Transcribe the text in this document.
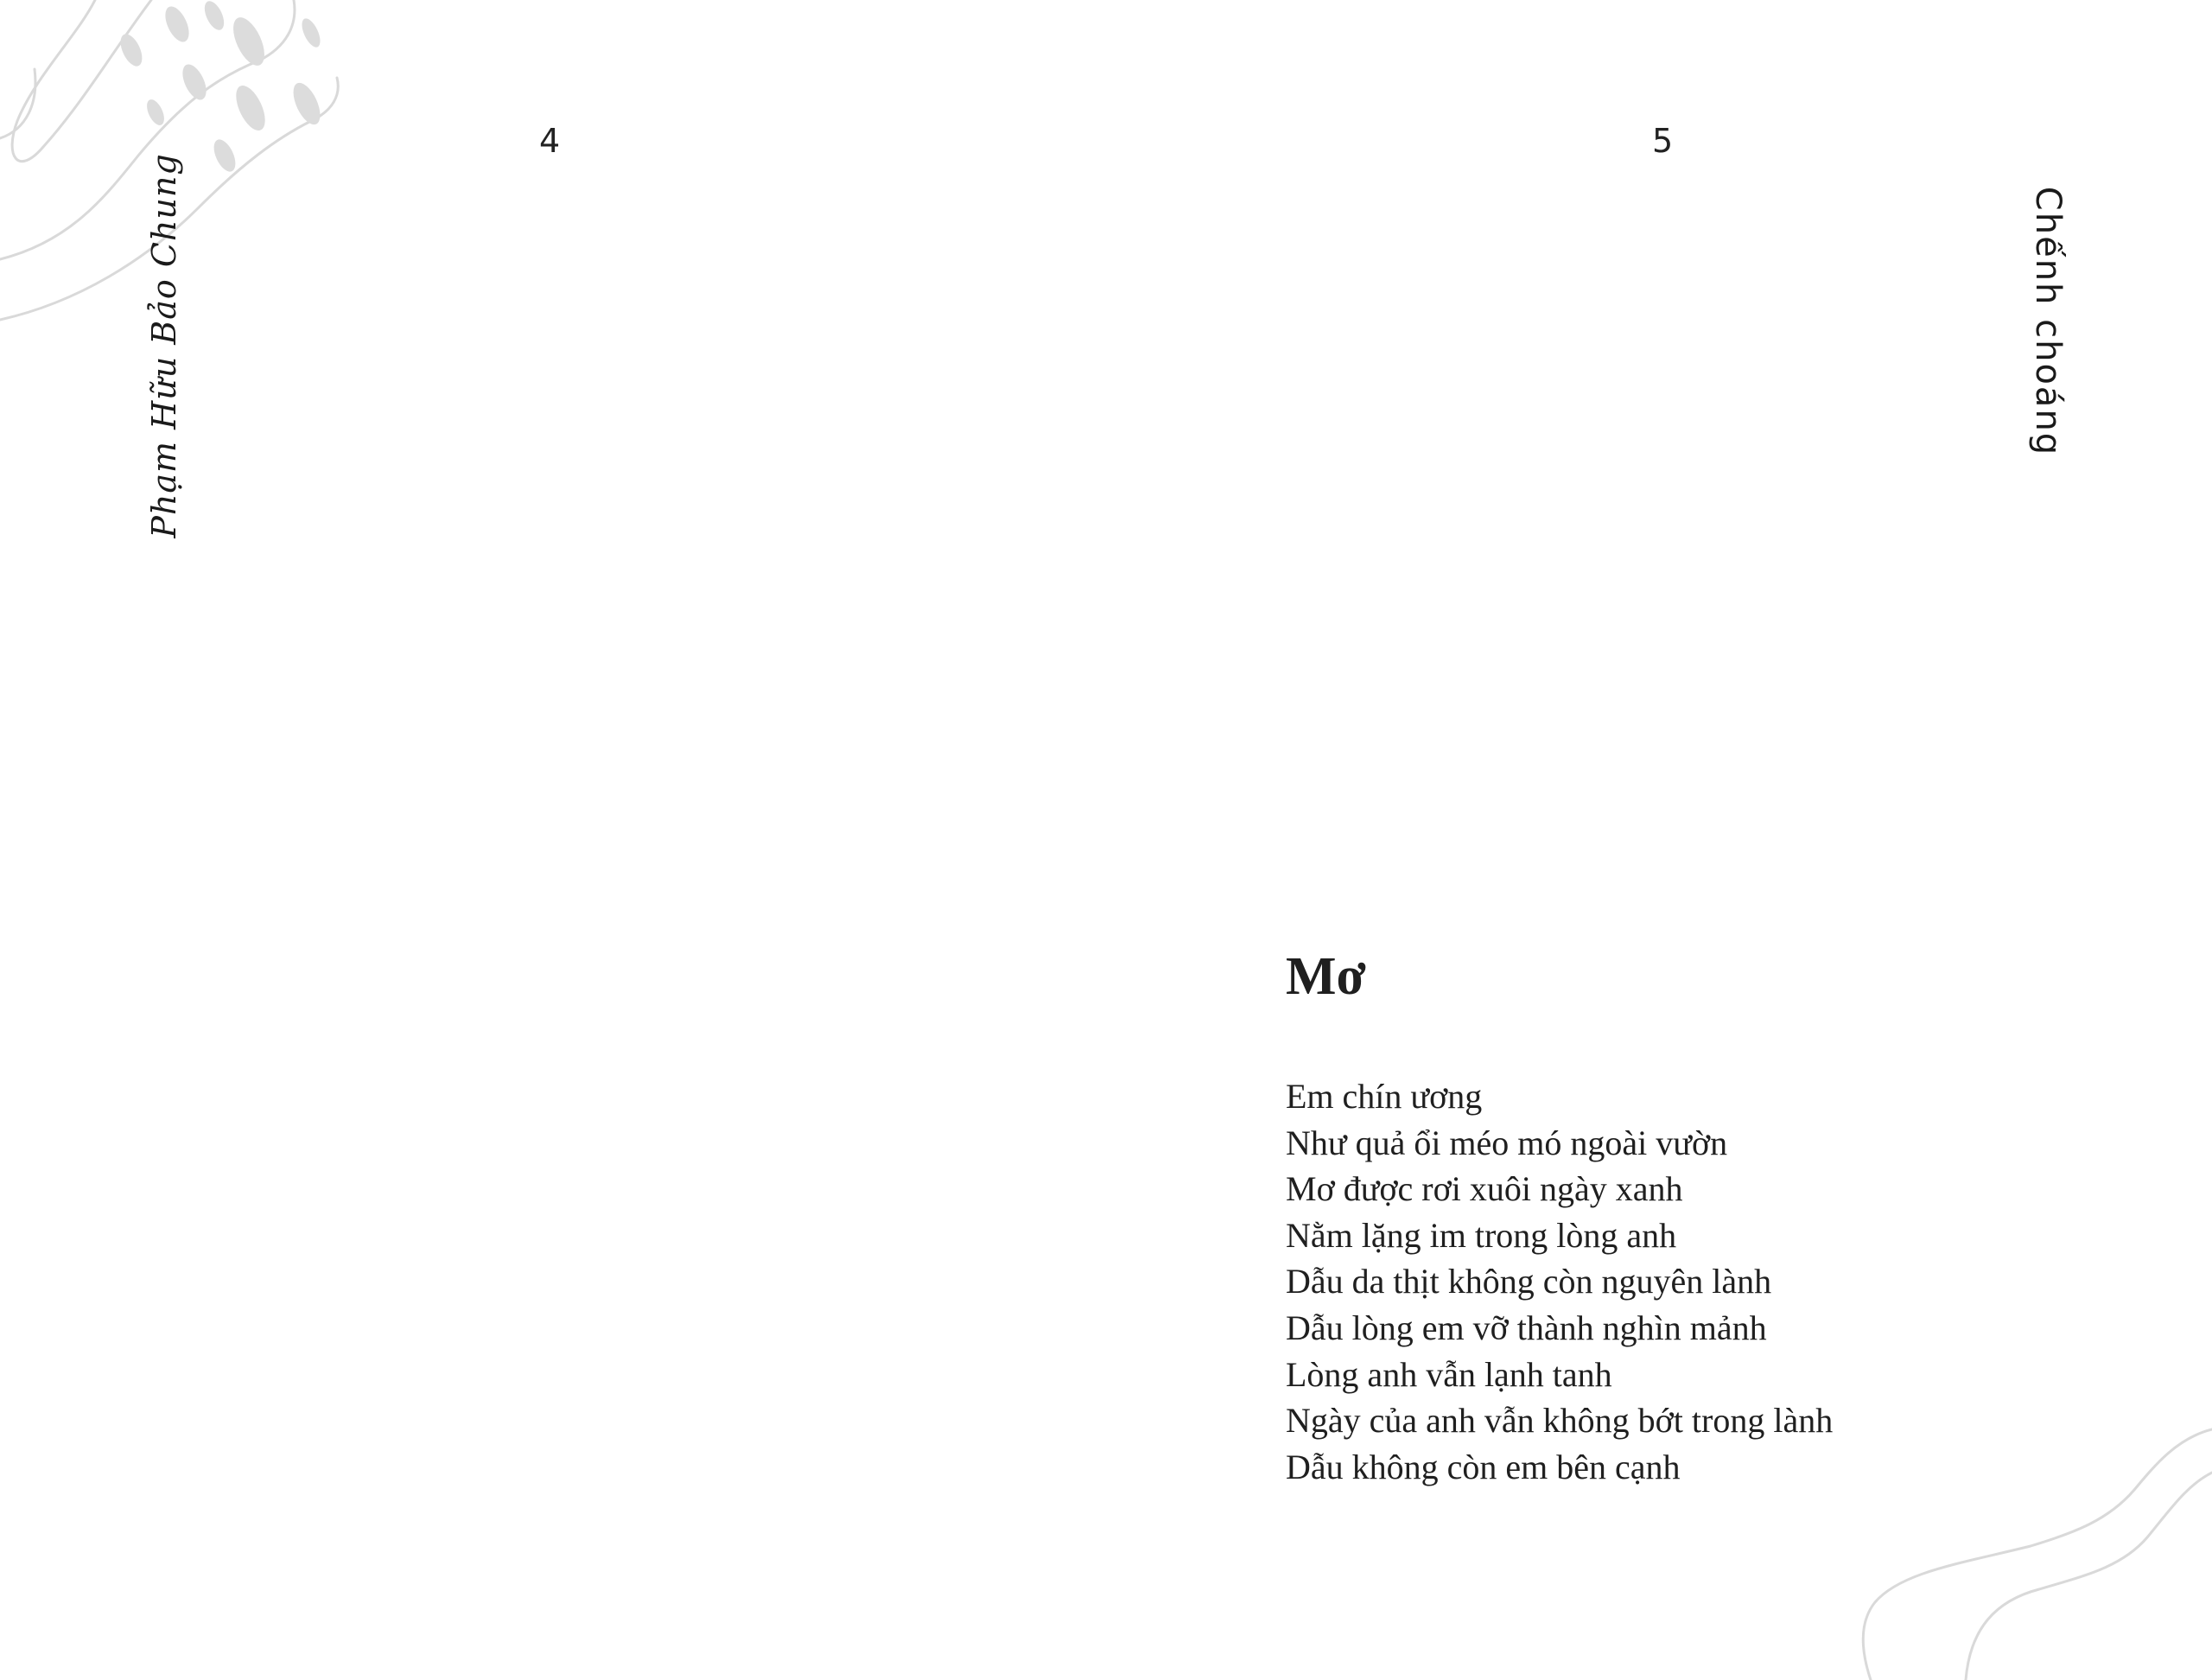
4	5
Phạm Hữu Bảo Chung	Chếnh choáng
Mơ
Em chín ương
Như quả ổi méo mó ngoài vườn
Mơ được rơi xuôi ngày xanh
Nằm lặng im trong lòng anh
Dẫu da thịt không còn nguyên lành
Dẫu lòng em vỡ thành nghìn mảnh
Lòng anh vẫn lạnh tanh
Ngày của anh vẫn không bớt trong lành
Dẫu không còn em bên cạnh
